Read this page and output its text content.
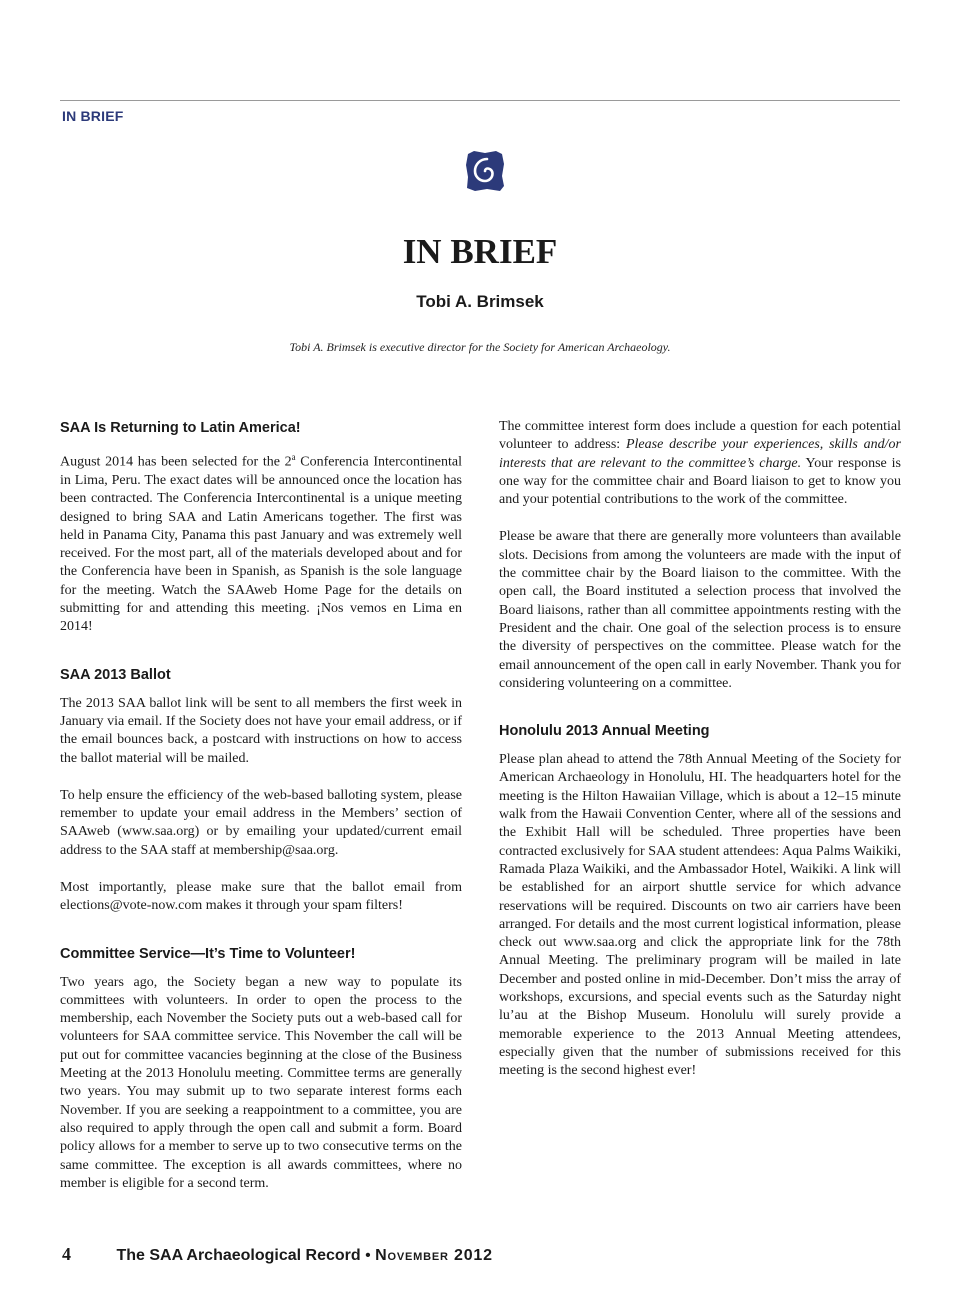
IN BRIEF
IN BRIEF
Tobi A. Brimsek
Tobi A. Brimsek is executive director for the Society for American Archaeology.
SAA Is Returning to Latin America!

August 2014 has been selected for the 2$^a$ Conferencia Intercontinental in Lima, Peru. The exact dates will be announced once the location has been contracted. The Conferencia Intercontinental is a unique meeting designed to bring SAA and Latin Americans together. The first was held in Panama City, Panama this past January and was extremely well received. For the most part, all of the materials developed about and for the Conferencia have been in Spanish, as Spanish is the sole language for the meeting. Watch the SAAweb Home Page for the details on submitting for and attending this meeting. ¡Nos vemos en Lima en 2014!

SAA 2013 Ballot

The 2013 SAA ballot link will be sent to all members the first week in January via email. If the Society does not have your email address, or if the email bounces back, a postcard with instructions on how to access the ballot material will be mailed.

To help ensure the efficiency of the web-based balloting system, please remember to update your email address in the Members’ section of SAAweb (www.saa.org) or by emailing your updated/current email address to the SAA staff at membership@saa.org.

Most importantly, please make sure that the ballot email from elections@vote-now.com makes it through your spam filters!

Committee Service—It’s Time to Volunteer!

Two years ago, the Society began a new way to populate its committees with volunteers. In order to open the process to the membership, each November the Society puts out a web-based call for volunteers for SAA committee service. This November the call will be put out for committee vacancies beginning at the close of the Business Meeting at the 2013 Honolulu meeting. Committee terms are generally two years. You may submit up to two separate interest forms each November. If you are seeking a reappointment to a committee, you are also required to apply through the open call and submit a form. Board policy allows for a member to serve up to two consecutive terms on the same committee. The exception is all awards committees, where no member is eligible for a second term.

The committee interest form does include a question for each potential volunteer to address: Please describe your experiences, skills and/or interests that are relevant to the committee’s charge. Your response is one way for the committee chair and Board liaison to get to know you and your potential contributions to the work of the committee.

Please be aware that there are generally more volunteers than available slots. Decisions from among the volunteers are made with the input of the committee chair by the Board liaison to the committee. With the open call, the Board instituted a selection process that involved the Board liaisons, rather than all committee appointments resting with the President and the chair. One goal of the selection process is to ensure the diversity of perspectives on the committee. Please watch for the email announcement of the open call in early November. Thank you for considering volunteering on a committee.

Honolulu 2013 Annual Meeting

Please plan ahead to attend the 78th Annual Meeting of the Society for American Archaeology in Honolulu, HI. The headquarters hotel for the meeting is the Hilton Hawaiian Village, which is about a 12–15 minute walk from the Hawaii Convention Center, where all of the sessions and the Exhibit Hall will be scheduled. Three properties have been contracted exclusively for SAA student attendees: Aqua Palms Waikiki, Ramada Plaza Waikiki, and the Ambassador Hotel, Waikiki. A link will be established for an airport shuttle service for which advance reservations will be required. Discounts on two air carriers have been arranged. For details and the most current logistical information, please check out www.saa.org and click the appropriate link for the 78th Annual Meeting. The preliminary program will be mailed in late December and posted online in mid-December. Don’t miss the array of workshops, excursions, and special events such as the Saturday night lu’au at the Bishop Museum. Honolulu will surely provide a memorable experience to the 2013 Annual Meeting attendees, especially given that the number of submissions received for this meeting is the second highest ever!

4	The SAA Archaeological Record • November 2012
